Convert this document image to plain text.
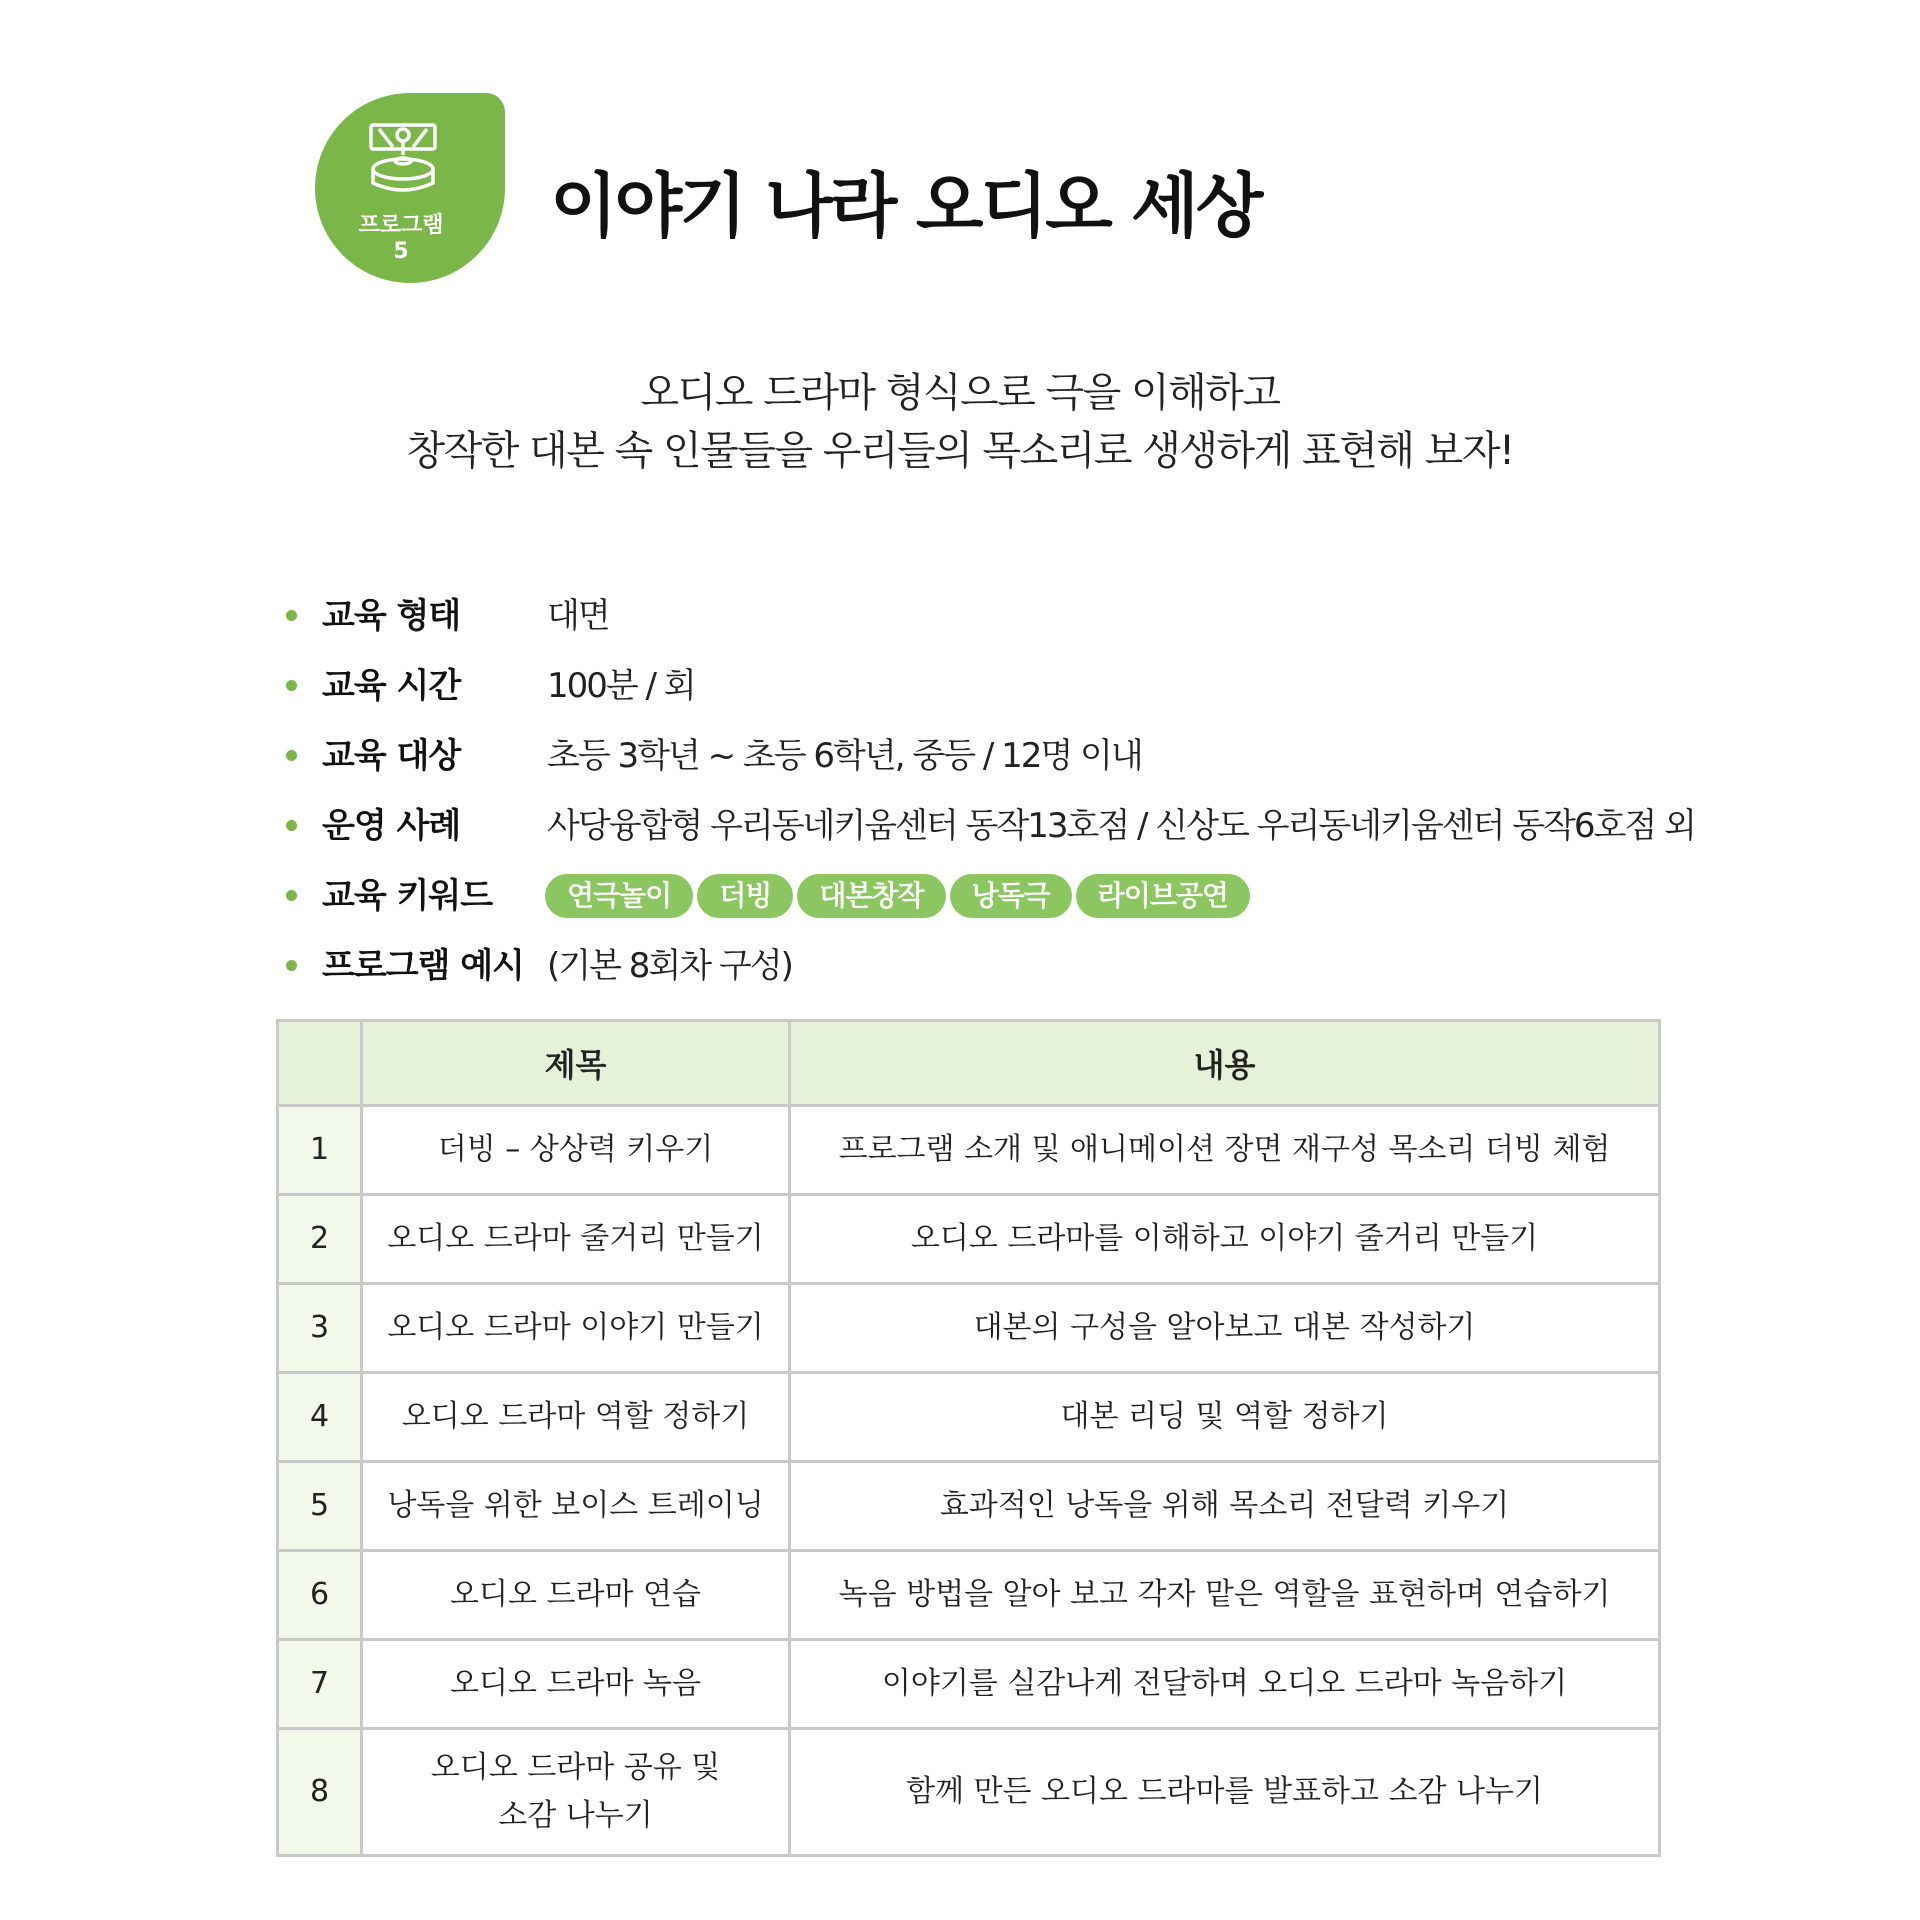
프로그램
5
이야기 나라 오디오 세상
오디오 드라마 형식으로 극을 이해하고
창작한 대본 속 인물들을 우리들의 목소리로 생생하게 표현해 보자!
교육 형태	대면
교육 시간	100분 / 회
교육 대상	초등 3학년 ~ 초등 6학년, 중등 / 12명 이내
운영 사례	사당융합형 우리동네키움센터 동작13호점 / 신상도 우리동네키움센터 동작6호점 외
교육 키워드	연극놀이	더빙	대본창작	낭독극	라이브공연
프로그램 예시 (기본 8회차 구성)
	제목	내용
1	더빙 – 상상력 키우기	프로그램 소개 및 애니메이션 장면 재구성 목소리 더빙 체험
2	오디오 드라마 줄거리 만들기	오디오 드라마를 이해하고 이야기 줄거리 만들기
3	오디오 드라마 이야기 만들기	대본의 구성을 알아보고 대본 작성하기
4	오디오 드라마 역할 정하기	대본 리딩 및 역할 정하기
5	낭독을 위한 보이스 트레이닝	효과적인 낭독을 위해 목소리 전달력 키우기
6	오디오 드라마 연습	녹음 방법을 알아 보고 각자 맡은 역할을 표현하며 연습하기
7	오디오 드라마 녹음	이야기를 실감나게 전달하며 오디오 드라마 녹음하기
8	오디오 드라마 공유 및
소감 나누기	함께 만든 오디오 드라마를 발표하고 소감 나누기
